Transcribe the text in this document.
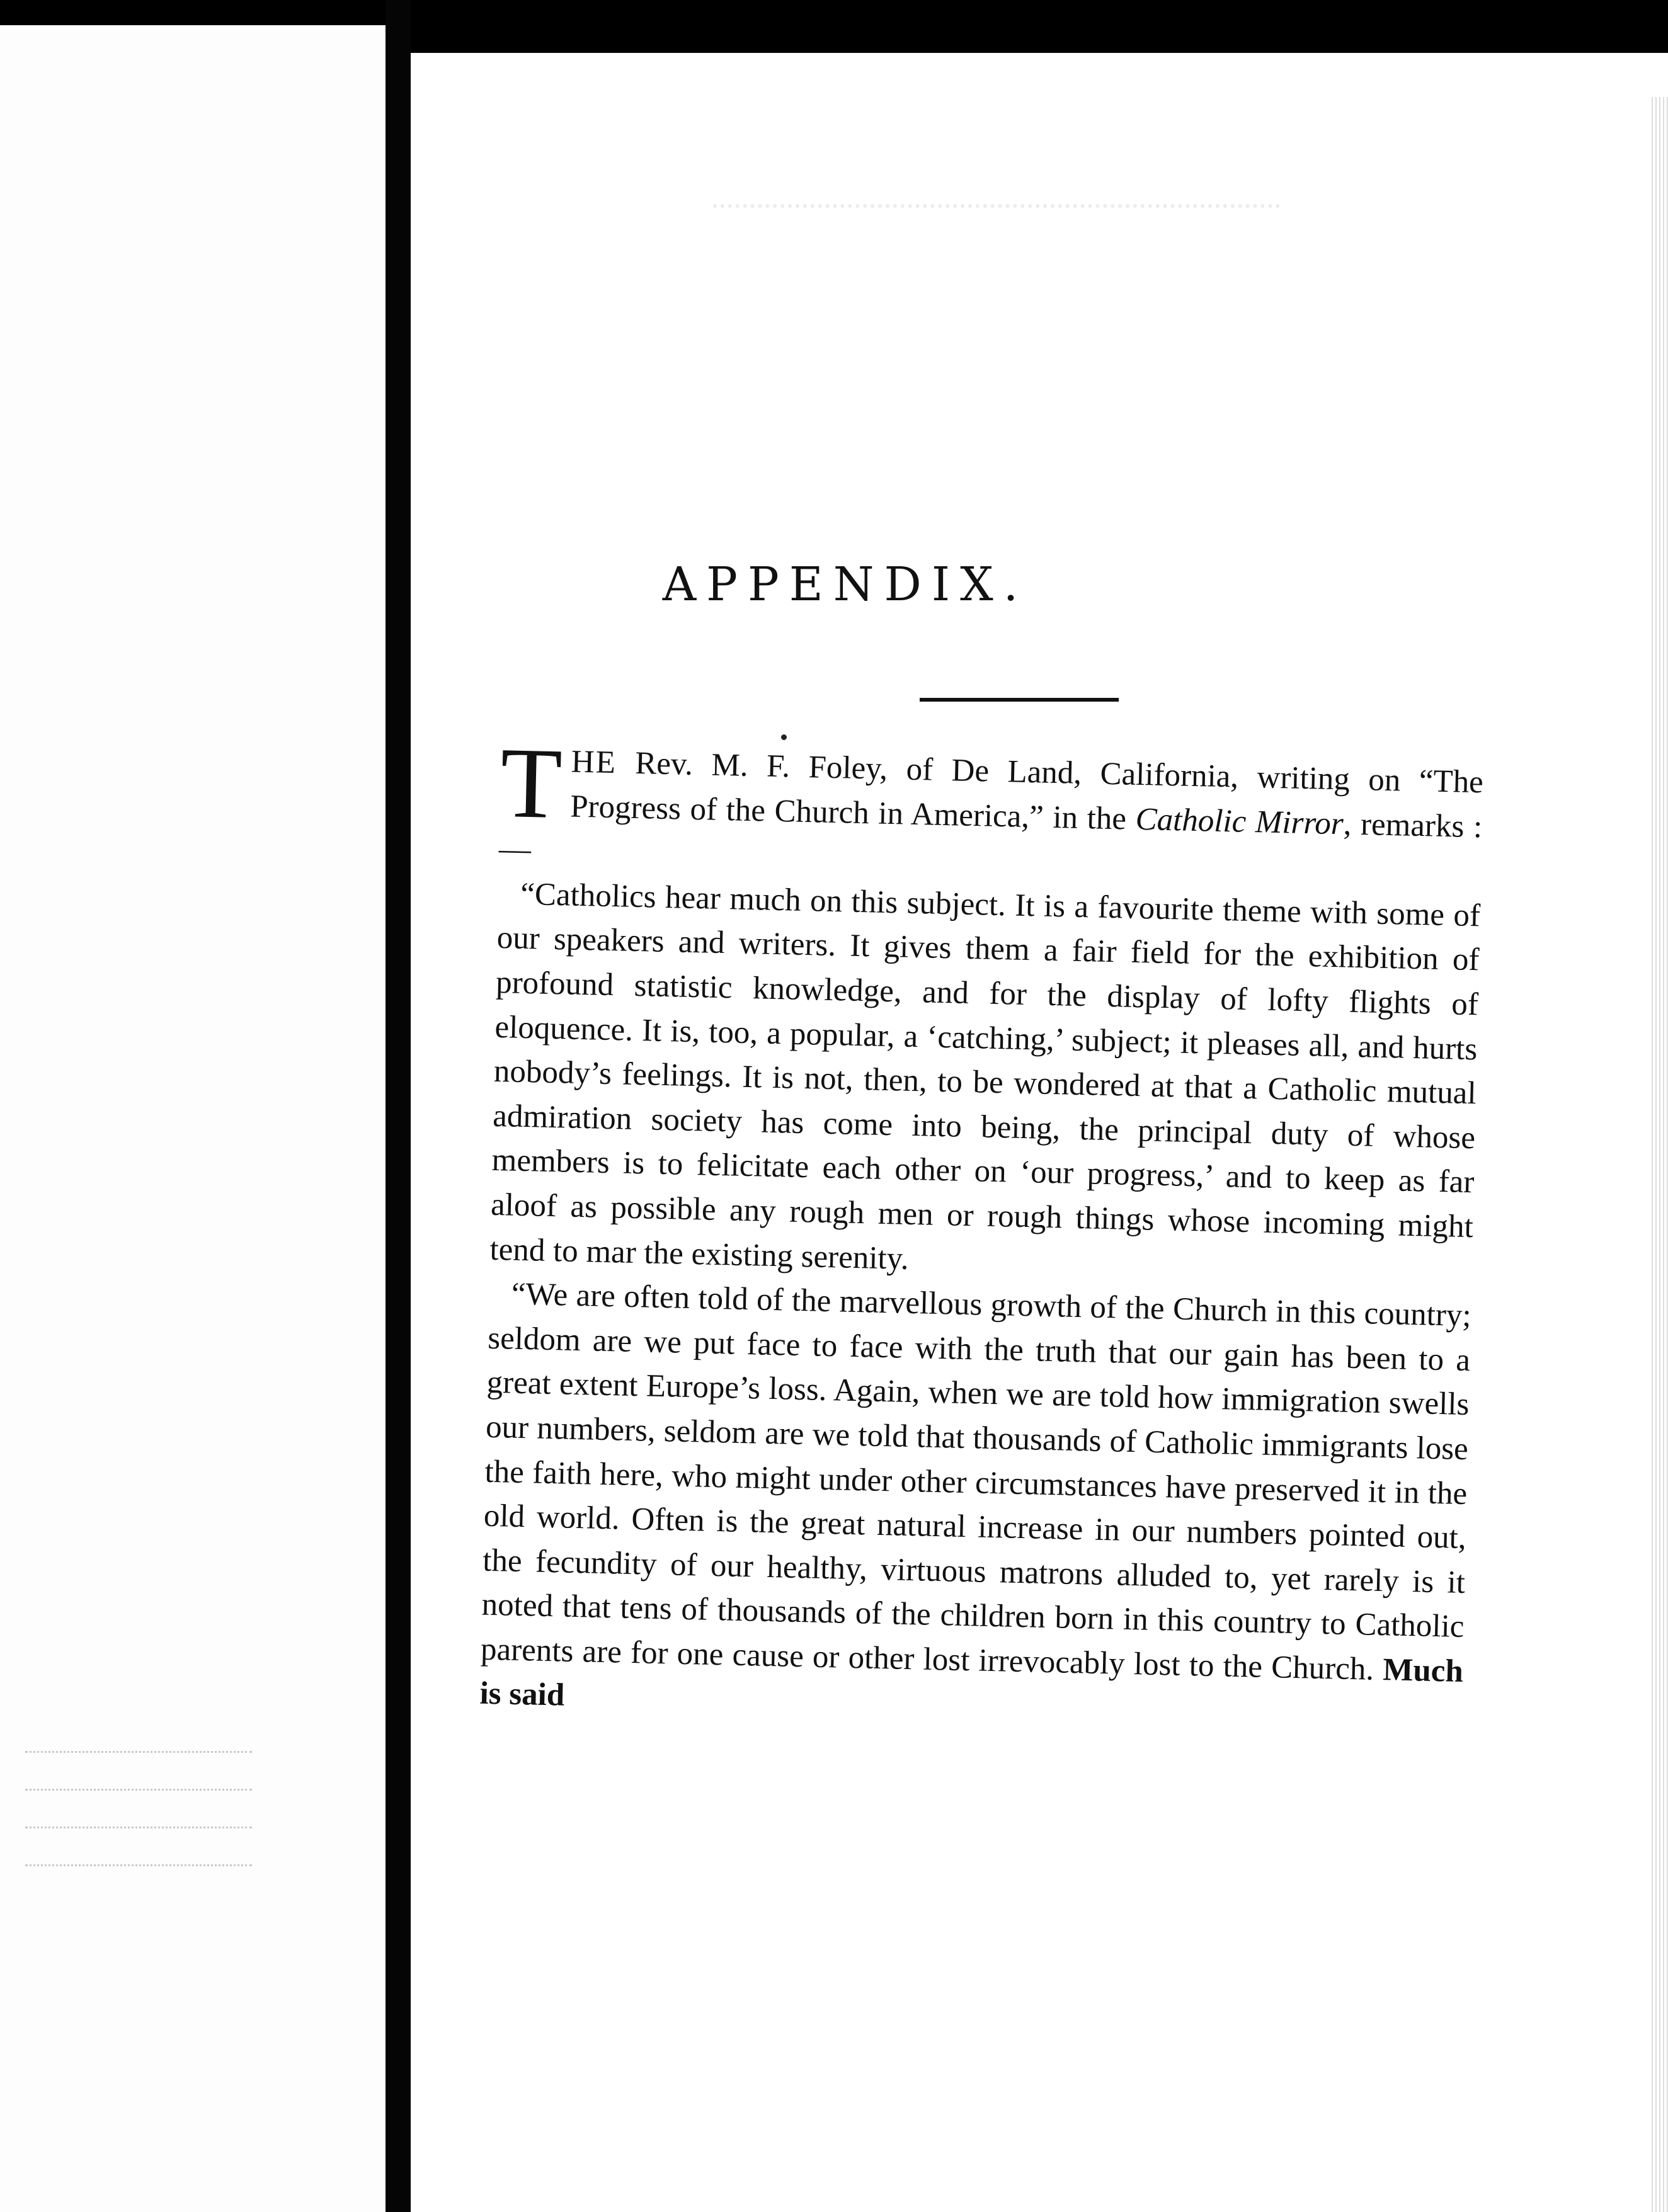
APPENDIX.

THE Rev. M. F. Foley, of De Land, California, writing on “The Progress of the Church in America,” in the Catholic Mirror, remarks :—

“Catholics hear much on this subject. It is a favourite theme with some of our speakers and writers. It gives them a fair field for the exhibition of profound statistic knowledge, and for the display of lofty flights of eloquence. It is, too, a popular, a ‘catching,’ subject; it pleases all, and hurts nobody’s feelings. It is not, then, to be wondered at that a Catholic mutual admiration society has come into being, the principal duty of whose members is to felicitate each other on ‘our progress,’ and to keep as far aloof as possible any rough men or rough things whose incoming might tend to mar the existing serenity.

“We are often told of the marvellous growth of the Church in this country; seldom are we put face to face with the truth that our gain has been to a great extent Europe’s loss. Again, when we are told how immigration swells our numbers, seldom are we told that thousands of Catholic immigrants lose the faith here, who might under other circumstances have preserved it in the old world. Often is the great natural increase in our numbers pointed out, the fecundity of our healthy, virtuous matrons alluded to, yet rarely is it noted that tens of thousands of the children born in this country to Catholic parents are for one cause or other lost irrevocably lost to the Church. Much is said
